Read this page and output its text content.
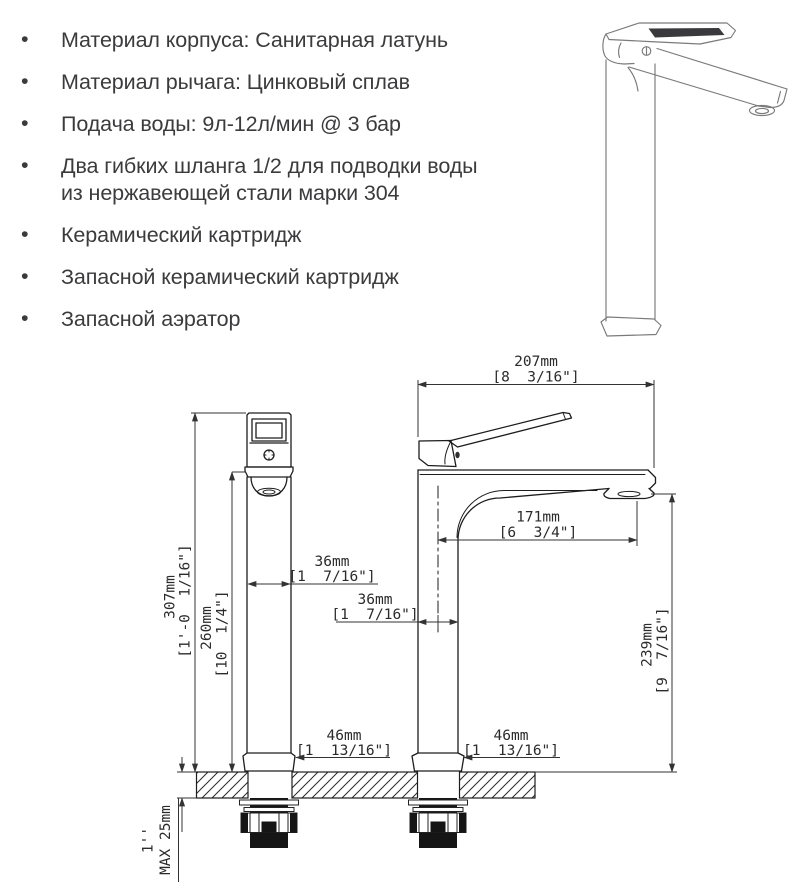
• Материал корпуса: Санитарная латунь
• Материал рычага: Цинковый сплав
• Подача воды: 9л-12л/мин @ 3 бар
• Два гибких шланга 1/2 для подводки воды
из нержавеющей стали марки 304
• Керамический картридж
• Запасной керамический картридж
• Запасной аэратор
207mm
[8  3/16"]
171mm
[6  3/4"]
307mm [1'-0  1/16"] 260mm [10  1/4"]
36mm
[1  7/16"]
36mm
[1  7/16"]
46mm
[1  13/16"]
46mm
[1  13/16"]
239mm [9  7/16"]
MAX 25mm
1''
